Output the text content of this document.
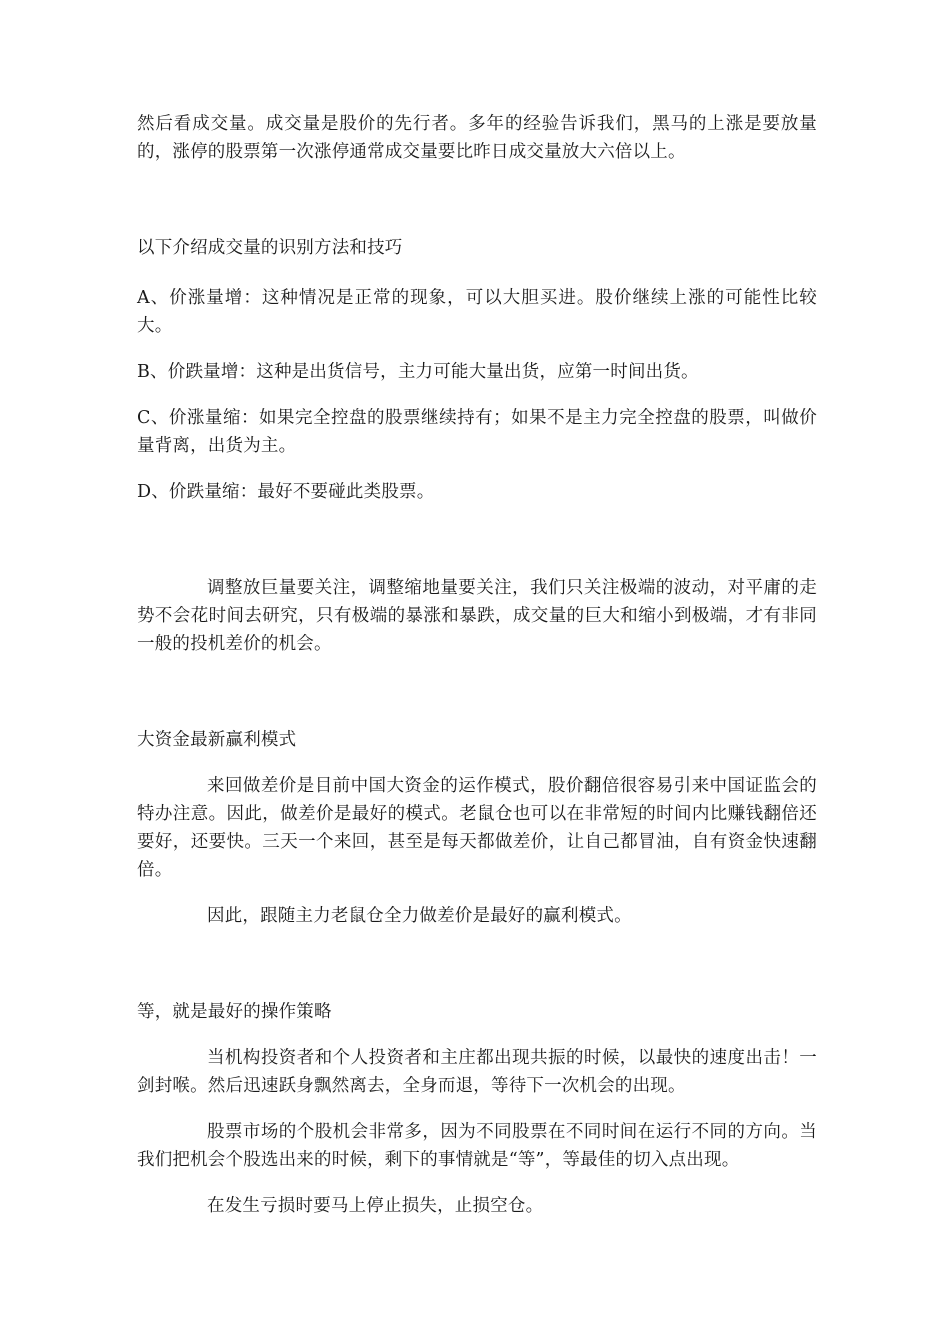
然后看成交量。成交量是股价的先行者。多年的经验告诉我们，黑马的上涨是要放量的，涨停的股票第一次涨停通常成交量要比昨日成交量放大六倍以上。

以下介绍成交量的识别方法和技巧

A、价涨量增：这种情况是正常的现象，可以大胆买进。股价继续上涨的可能性比较大。

B、价跌量增：这种是出货信号，主力可能大量出货，应第一时间出货。

C、价涨量缩：如果完全控盘的股票继续持有；如果不是主力完全控盘的股票，叫做价量背离，出货为主。

D、价跌量缩：最好不要碰此类股票。

调整放巨量要关注，调整缩地量要关注，我们只关注极端的波动，对平庸的走势不会花时间去研究，只有极端的暴涨和暴跌，成交量的巨大和缩小到极端，才有非同一般的投机差价的机会。

大资金最新赢利模式

来回做差价是目前中国大资金的运作模式，股价翻倍很容易引来中国证监会的特办注意。因此，做差价是最好的模式。老鼠仓也可以在非常短的时间内比赚钱翻倍还要好，还要快。三天一个来回，甚至是每天都做差价，让自己都冒油，自有资金快速翻倍。

因此，跟随主力老鼠仓全力做差价是最好的赢利模式。

等，就是最好的操作策略

当机构投资者和个人投资者和主庄都出现共振的时候，以最快的速度出击！一剑封喉。然后迅速跃身飘然离去，全身而退，等待下一次机会的出现。

股票市场的个股机会非常多，因为不同股票在不同时间在运行不同的方向。当我们把机会个股选出来的时候，剩下的事情就是“等”，等最佳的切入点出现。

在发生亏损时要马上停止损失，止损空仓。
